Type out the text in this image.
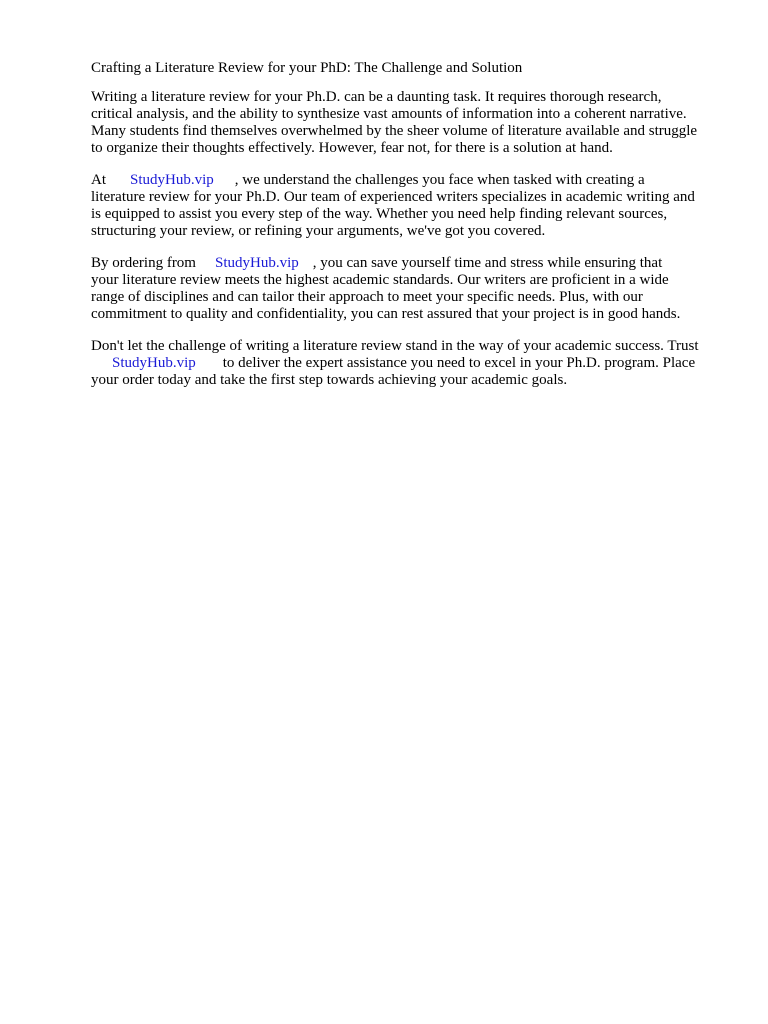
Crafting a Literature Review for your PhD: The Challenge and Solution
Writing a literature review for your Ph.D. can be a daunting task. It requires thorough research,
critical analysis, and the ability to synthesize vast amounts of information into a coherent narrative.
Many students find themselves overwhelmed by the sheer volume of literature available and struggle
to organize their thoughts effectively. However, fear not, for there is a solution at hand.
At StudyHub.vip , we understand the challenges you face when tasked with creating a
literature review for your Ph.D. Our team of experienced writers specializes in academic writing and
is equipped to assist you every step of the way. Whether you need help finding relevant sources,
structuring your review, or refining your arguments, we've got you covered.
By ordering from StudyHub.vip , you can save yourself time and stress while ensuring that
your literature review meets the highest academic standards. Our writers are proficient in a wide
range of disciplines and can tailor their approach to meet your specific needs. Plus, with our
commitment to quality and confidentiality, you can rest assured that your project is in good hands.
Don't let the challenge of writing a literature review stand in the way of your academic success. Trust
StudyHub.vip to deliver the expert assistance you need to excel in your Ph.D. program. Place
your order today and take the first step towards achieving your academic goals.
